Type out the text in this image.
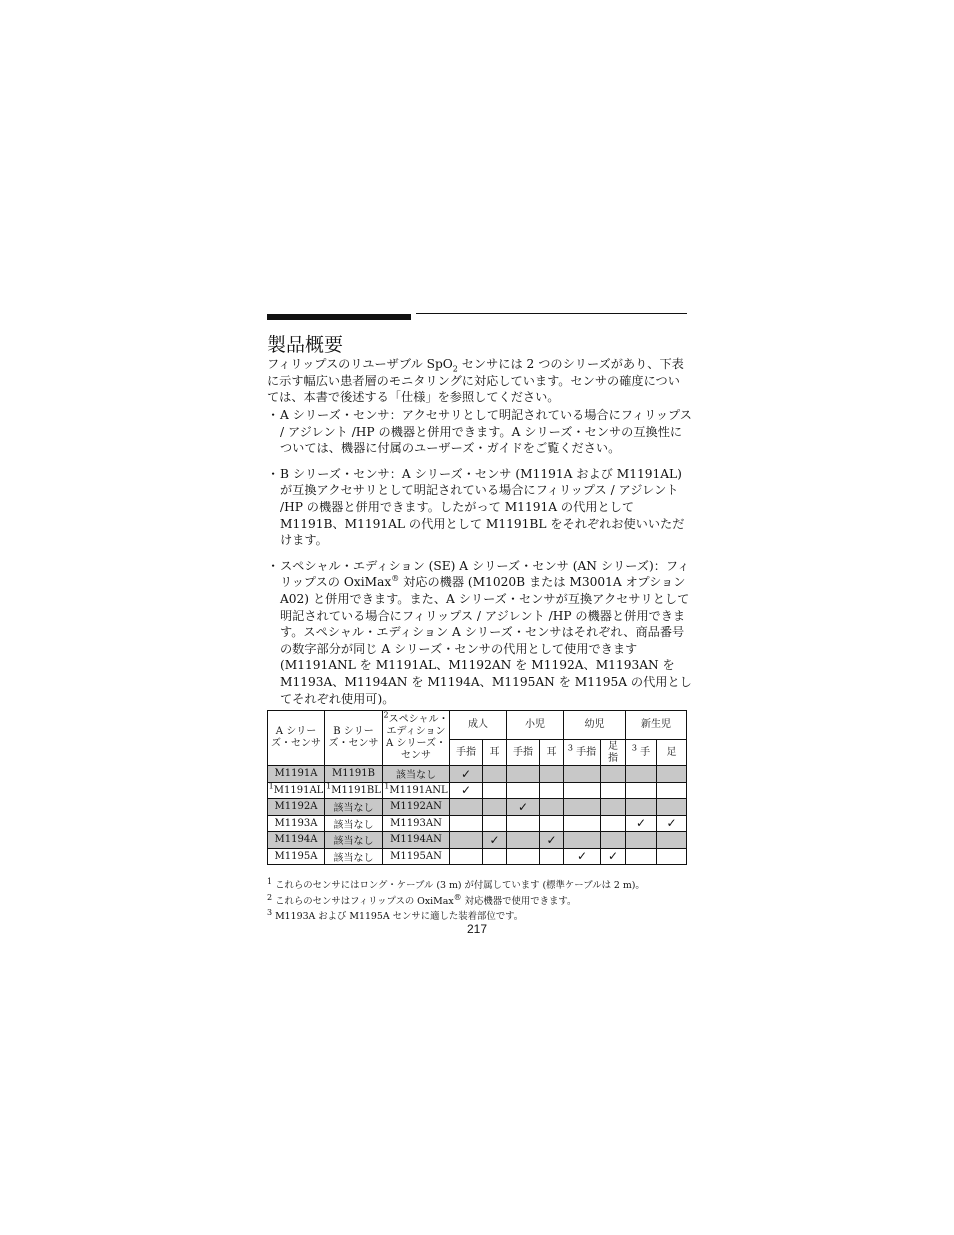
製品概要

フィリップスのリユーザブル SpO$_2$ センサには 2 つのシリーズがあり、下表に示す幅広い患者層のモニタリングに対応しています。センサの確度については、本書で後述する「仕様」を参照してください。

・ A シリーズ・センサ：アクセサリとして明記されている場合にフィリップス / アジレント /HP の機器と併用できます。A シリーズ・センサの互換性については、機器に付属のユーザーズ・ガイドをご覧ください。
・ B シリーズ・センサ：A シリーズ・センサ (M1191A および M1191AL) が互換アクセサリとして明記されている場合にフィリップス / アジレント /HP の機器と併用できます。したがって M1191A の代用として M1191B、M1191AL の代用として M1191BL をそれぞれお使いいただけます。
・ スペシャル・エディション (SE) A シリーズ・センサ (AN シリーズ)：フィリップスの OxiMax® 対応の機器 (M1020B または M3001A オプション A02) と併用できます。また、A シリーズ・センサが互換アクセサリとして明記されている場合にフィリップス / アジレント /HP の機器と併用できます。スペシャル・エディション A シリーズ・センサはそれぞれ、商品番号の数字部分が同じ A シリーズ・センサの代用として使用できます (M1191ANL を M1191AL、M1192AN を M1192A、M1193AN を M1193A、M1194AN を M1194A、M1195AN を M1195A の代用としてそれぞれ使用可)。
A シリーズ・センサ	B シリーズ・センサ	$^2$スペシャル・エディション A シリーズ・センサ	成人		小児		幼児		新生児	
			手指	耳	手指	耳	$^3$ 手指	足指	$^3$ 手	足
M1191A	M1191B	該当なし	✓							
$^1$M1191AL	$^1$M1191BL	$^1$M1191ANL	✓							
M1192A	該当なし	M1192AN			✓					
M1193A	該当なし	M1193AN							✓	✓
M1194A	該当なし	M1194AN		✓		✓				
M1195A	該当なし	M1195AN					✓	✓		
$^1$ これらのセンサにはロング・ケーブル (3 m) が付属しています (標準ケーブルは 2 m)。
$^2$ これらのセンサはフィリップスの OxiMax® 対応機器で使用できます。
$^3$ M1193A および M1195A センサに適した装着部位です。
217
